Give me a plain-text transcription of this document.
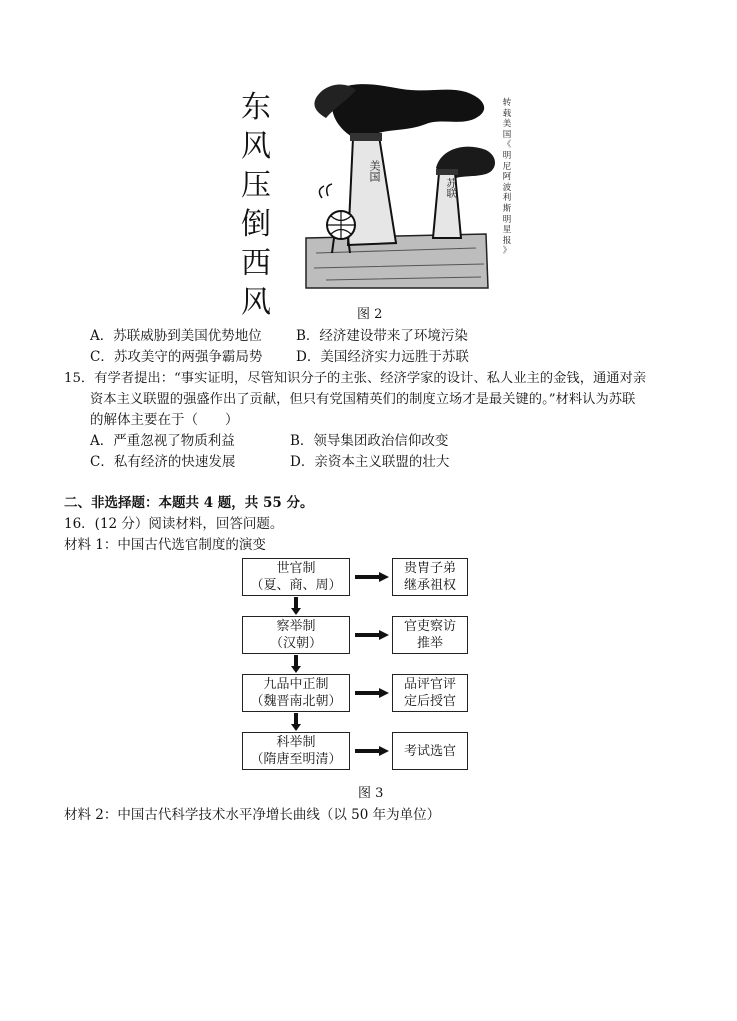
东
风
压
倒
西
风
美国
苏联
转
载
美
国
《
明
尼
阿
波
利
斯
明
星
报
》
图 2
A．苏联威胁到美国优势地位	B．经济建设带来了环境污染
C．苏攻美守的两强争霸局势 D．美国经济实力远胜于苏联
15．有学者提出：“事实证明，尽管知识分子的主张、经济学家的设计、私人业主的金钱，通通对亲
资本主义联盟的强盛作出了贡献，但只有党国精英们的制度立场才是最关键的。”材料认为苏联
的解体主要在于（　　）
A．严重忽视了物质利益	B．领导集团政治信仰改变
C．私有经济的快速发展	D．亲资本主义联盟的壮大
二、非选择题：本题共 4 题，共 55 分。
16．(12 分）阅读材料，回答问题。
材料 1：中国古代选官制度的演变
世官制
（夏、商、周）
察举制
（汉朝）
九品中正制
（魏晋南北朝）
科举制
（隋唐至明清）
贵胄子弟
继承祖权
官吏察访
推举
品评官评
定后授官
考试选官
图 3
材料 2：中国古代科学技术水平净增长曲线（以 50 年为单位）
